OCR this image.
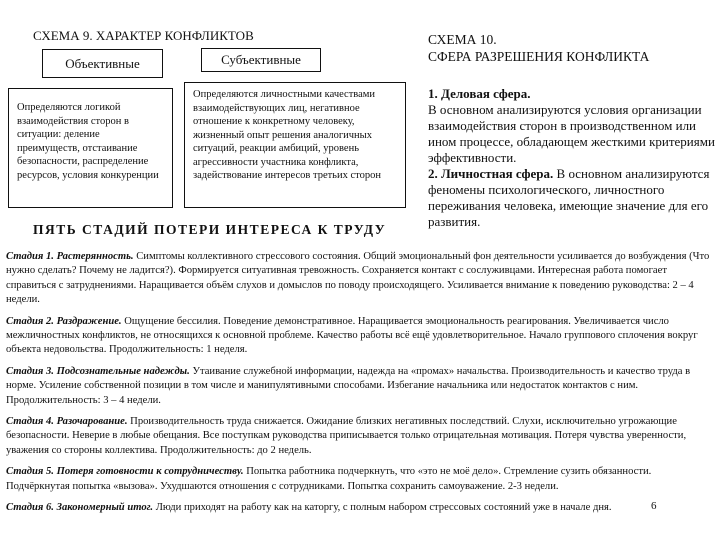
СХЕМА 9. ХАРАКТЕР КОНФЛИКТОВ
Объективные	Субъективные
Определяются логикой взаимодействия сторон в ситуации: деление преимуществ, отстаивание безопасности, распределение ресурсов, условия конкуренции
Определяются личностными качествами взаимодействующих лиц, негативное отношение к конкретному человеку, жизненный опыт решения аналогичных ситуаций, реакции амбиций, уровень агрессивности участника конфликта, задействование интересов третьих сторон
СХЕМА 10.
СФЕРА РАЗРЕШЕНИЯ КОНФЛИКТА
1. Деловая сфера.
В основном анализируются условия организации взаимодействия сторон в производственном или ином процессе, обладающем жесткими критериями эффективности.
2. Личностная сфера. В основном анализируются феномены психологического, личностного переживания человека, имеющие значение для его развития.
ПЯТЬ СТАДИЙ ПОТЕРИ ИНТЕРЕСА К ТРУДУ
Стадия 1. Растерянность. Симптомы коллективного стрессового состояния. Общий эмоциональный фон деятельности усиливается до возбуждения (Что нужно сделать? Почему не ладится?). Формируется ситуативная тревожность. Сохраняется контакт с сослуживцами. Интересная работа помогает справиться с затруднениями. Наращивается объём слухов и домыслов по поводу происходящего. Усиливается внимание к поведению руководства: 2 – 4 недели.
Стадия 2. Раздражение. Ощущение бессилия. Поведение демонстративное. Наращивается эмоциональность реагирования. Увеличивается число межличностных конфликтов, не относящихся к основной проблеме. Качество работы всё ещё удовлетворительное. Начало группового сплочения вокруг объекта недовольства. Продолжительность: 1 неделя.
Стадия 3. Подсознательные надежды. Утаивание служебной информации, надежда на «промах» начальства. Производительность и качество труда в норме. Усиление собственной позиции в том числе и манипулятивными способами. Избегание начальника или недостаток контактов с ним. Продолжительность: 3 – 4 недели.
Стадия 4. Разочарование. Производительность труда снижается. Ожидание близких негативных последствий. Слухи, исключительно угрожающие безопасности. Неверие в любые обещания. Все поступкам руководства приписывается только отрицательная мотивация. Потеря чувства уверенности, уважения со стороны коллектива. Продолжительность: до 2 недель.
Стадия 5. Потеря готовности к сотрудничеству. Попытка работника подчеркнуть, что «это не моё дело». Стремление сузить обязанности. Подчёркнутая попытка «вызова». Ухудшаются отношения с сотрудниками. Попытка сохранить самоуважение. 2-3 недели.
Стадия 6. Закономерный итог. Люди приходят на работу как на каторгу, с полным набором стрессовых состояний уже в начале дня.	6
